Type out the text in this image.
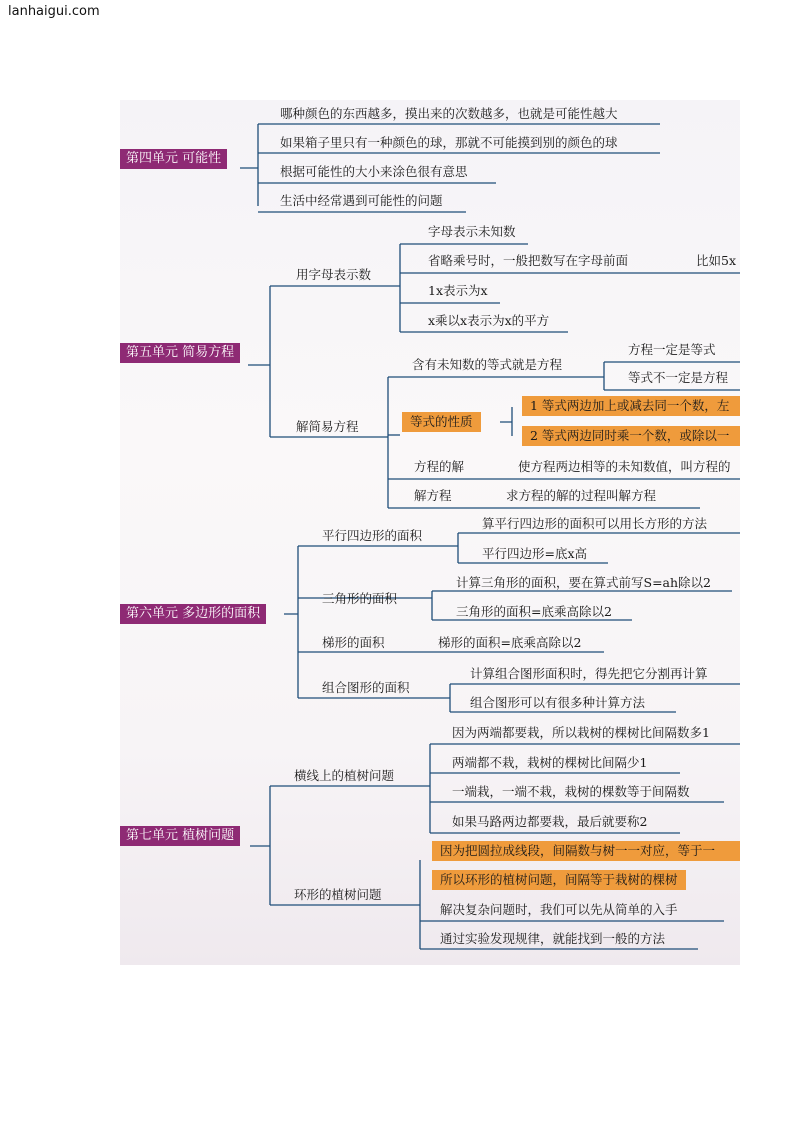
lanhaigui.com
第四单元 可能性
哪种颜色的东西越多，摸出来的次数越多，也就是可能性越大
如果箱子里只有一种颜色的球，那就不可能摸到别的颜色的球
根据可能性的大小来涂色很有意思
生活中经常遇到可能性的问题
第五单元 简易方程
用字母表示数
字母表示未知数
省略乘号时，一般把数写在字母前面	比如5x
1x表示为x
x乘以x表示为x的平方
解简易方程
含有未知数的等式就是方程
方程一定是等式
等式不一定是方程
等式的性质
1 等式两边加上或减去同一个数，左
2 等式两边同时乘一个数，或除以一
方程的解	使方程两边相等的未知数值，叫方程的
解方程	求方程的解的过程叫解方程
第六单元 多边形的面积
平行四边形的面积
算平行四边形的面积可以用长方形的方法
平行四边形=底x高
三角形的面积
计算三角形的面积，要在算式前写S=ah除以2
三角形的面积=底乘高除以2
梯形的面积	梯形的面积=底乘高除以2
组合图形的面积
计算组合图形面积时，得先把它分割再计算
组合图形可以有很多种计算方法
第七单元 植树问题
横线上的植树问题
因为两端都要栽，所以栽树的棵树比间隔数多1
两端都不栽，栽树的棵树比间隔少1
一端栽，一端不栽，栽树的棵数等于间隔数
如果马路两边都要栽，最后就要称2
环形的植树问题
因为把圆拉成线段，间隔数与树一一对应，等于一
所以环形的植树问题，间隔等于栽树的棵树
解决复杂问题时，我们可以先从简单的入手
通过实验发现规律，就能找到一般的方法
